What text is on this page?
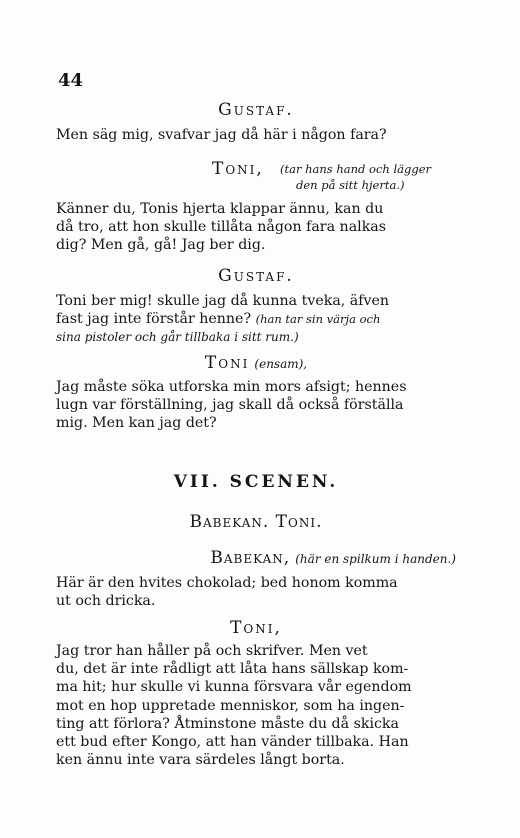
44
Gustaf.
Men säg mig, svafvar jag då här i någon fara?
Toni, (tar hans hand och lägger
den på sitt hjerta.)
Känner du, Tonis hjerta klappar ännu, kan du
då tro, att hon skulle tillåta någon fara nalkas
dig? Men gå, gå! Jag ber dig.
Gustaf.
Toni ber mig! skulle jag då kunna tveka, äfven
fast jag inte förstår henne? (han tar sin värja och
sina pistoler och går tillbaka i sitt rum.)
Toni (ensam),
Jag måste söka utforska min mors afsigt; hennes
lugn var förställning, jag skall då också förställa
mig. Men kan jag det?
VII. SCENEN.
Babekan. Toni.
Babekan, (här en spilkum i handen.)
Här är den hvites chokolad; bed honom komma
ut och dricka.
Toni,
Jag tror han håller på och skrifver. Men vet
du, det är inte rådligt att låta hans sällskap kom-
ma hit; hur skulle vi kunna försvara vår egendom
mot en hop uppretade menniskor, som ha ingen-
ting att förlora? Åtminstone måste du då skicka
ett bud efter Kongo, att han vänder tillbaka. Han
ken ännu inte vara särdeles långt borta.
